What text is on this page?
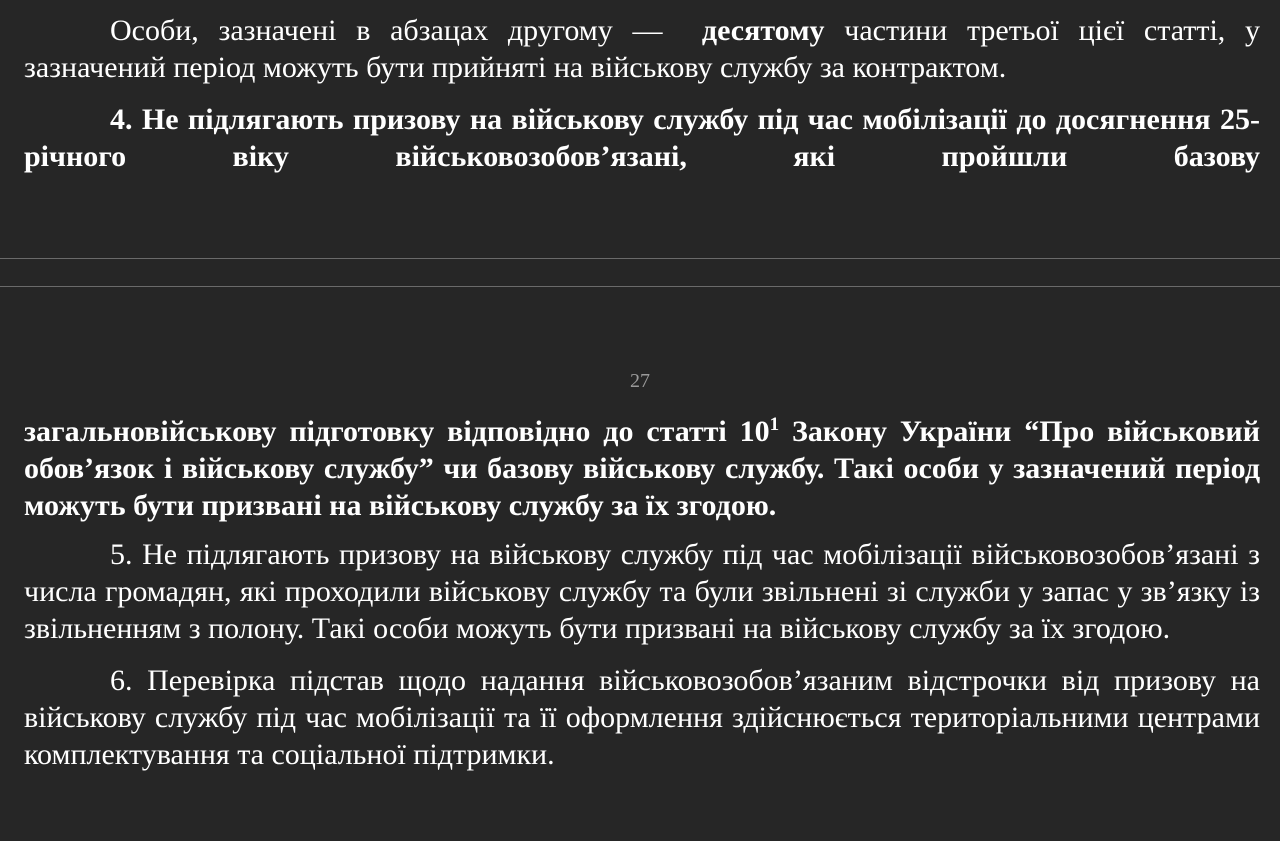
Особи, зазначені в абзацах другому — десятому частини третьої цієї статті, у зазначений період можуть бути прийняті на військову службу за контрактом.

4. Не підлягають призову на військову службу під час мобілізації до досягнення 25-річного віку військовозобов’язані, які пройшли базову

27

загальновійськову підготовку відповідно до статті $10^1$ Закону України “Про військовий обов’язок і військову службу” чи базову військову службу. Такі особи у зазначений період можуть бути призвані на військову службу за їх згодою.

5. Не підлягають призову на військову службу під час мобілізації військовозобов’язані з числа громадян, які проходили військову службу та були звільнені зі служби у запас у зв’язку із звільненням з полону. Такі особи можуть бути призвані на військову службу за їх згодою.

6. Перевірка підстав щодо надання військовозобов’язаним відстрочки від призову на військову службу під час мобілізації та її оформлення здійснюється територіальними центрами комплектування та соціальної підтримки.
